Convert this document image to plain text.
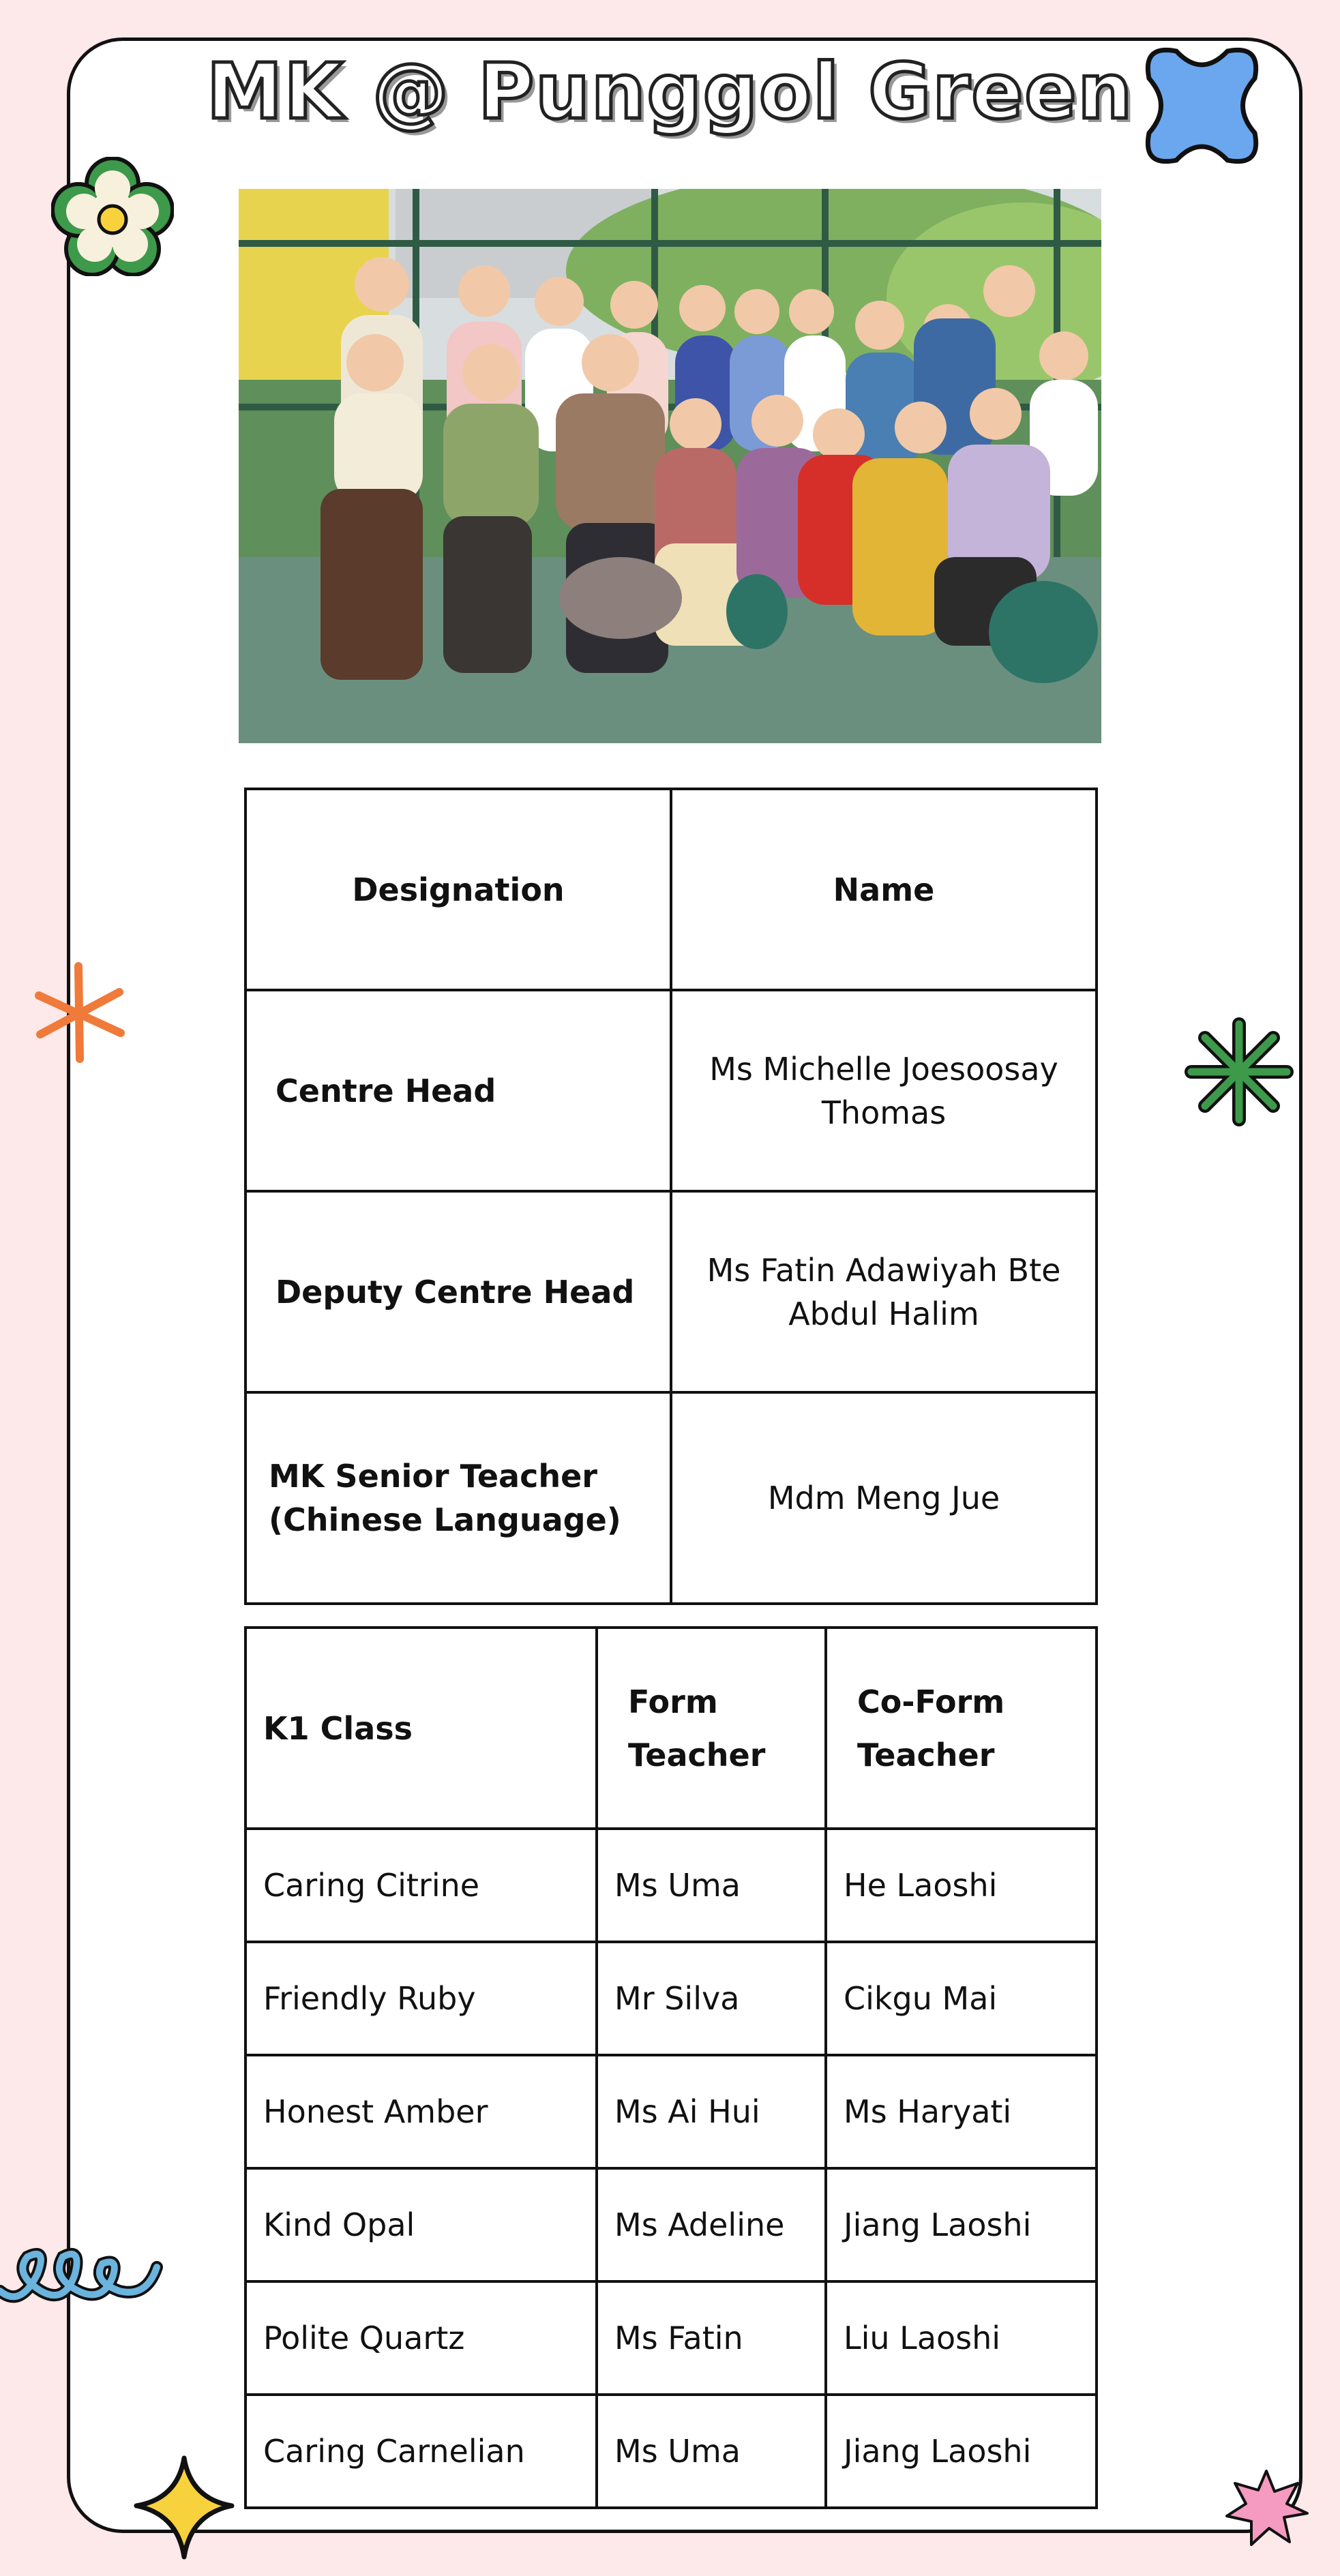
MK @ Punggol Green
Designation	Name
Centre Head	Ms Michelle Joesoosay Thomas
Deputy Centre Head	Ms Fatin Adawiyah Bte Abdul Halim
MK Senior Teacher (Chinese Language)	Mdm Meng Jue
K1 Class	Form Teacher	Co-Form Teacher
Caring Citrine	Ms Uma	He Laoshi
Friendly Ruby	Mr Silva	Cikgu Mai
Honest Amber	Ms Ai Hui	Ms Haryati
Kind Opal	Ms Adeline	Jiang Laoshi
Polite Quartz	Ms Fatin	Liu Laoshi
Caring Carnelian	Ms Uma	Jiang Laoshi
